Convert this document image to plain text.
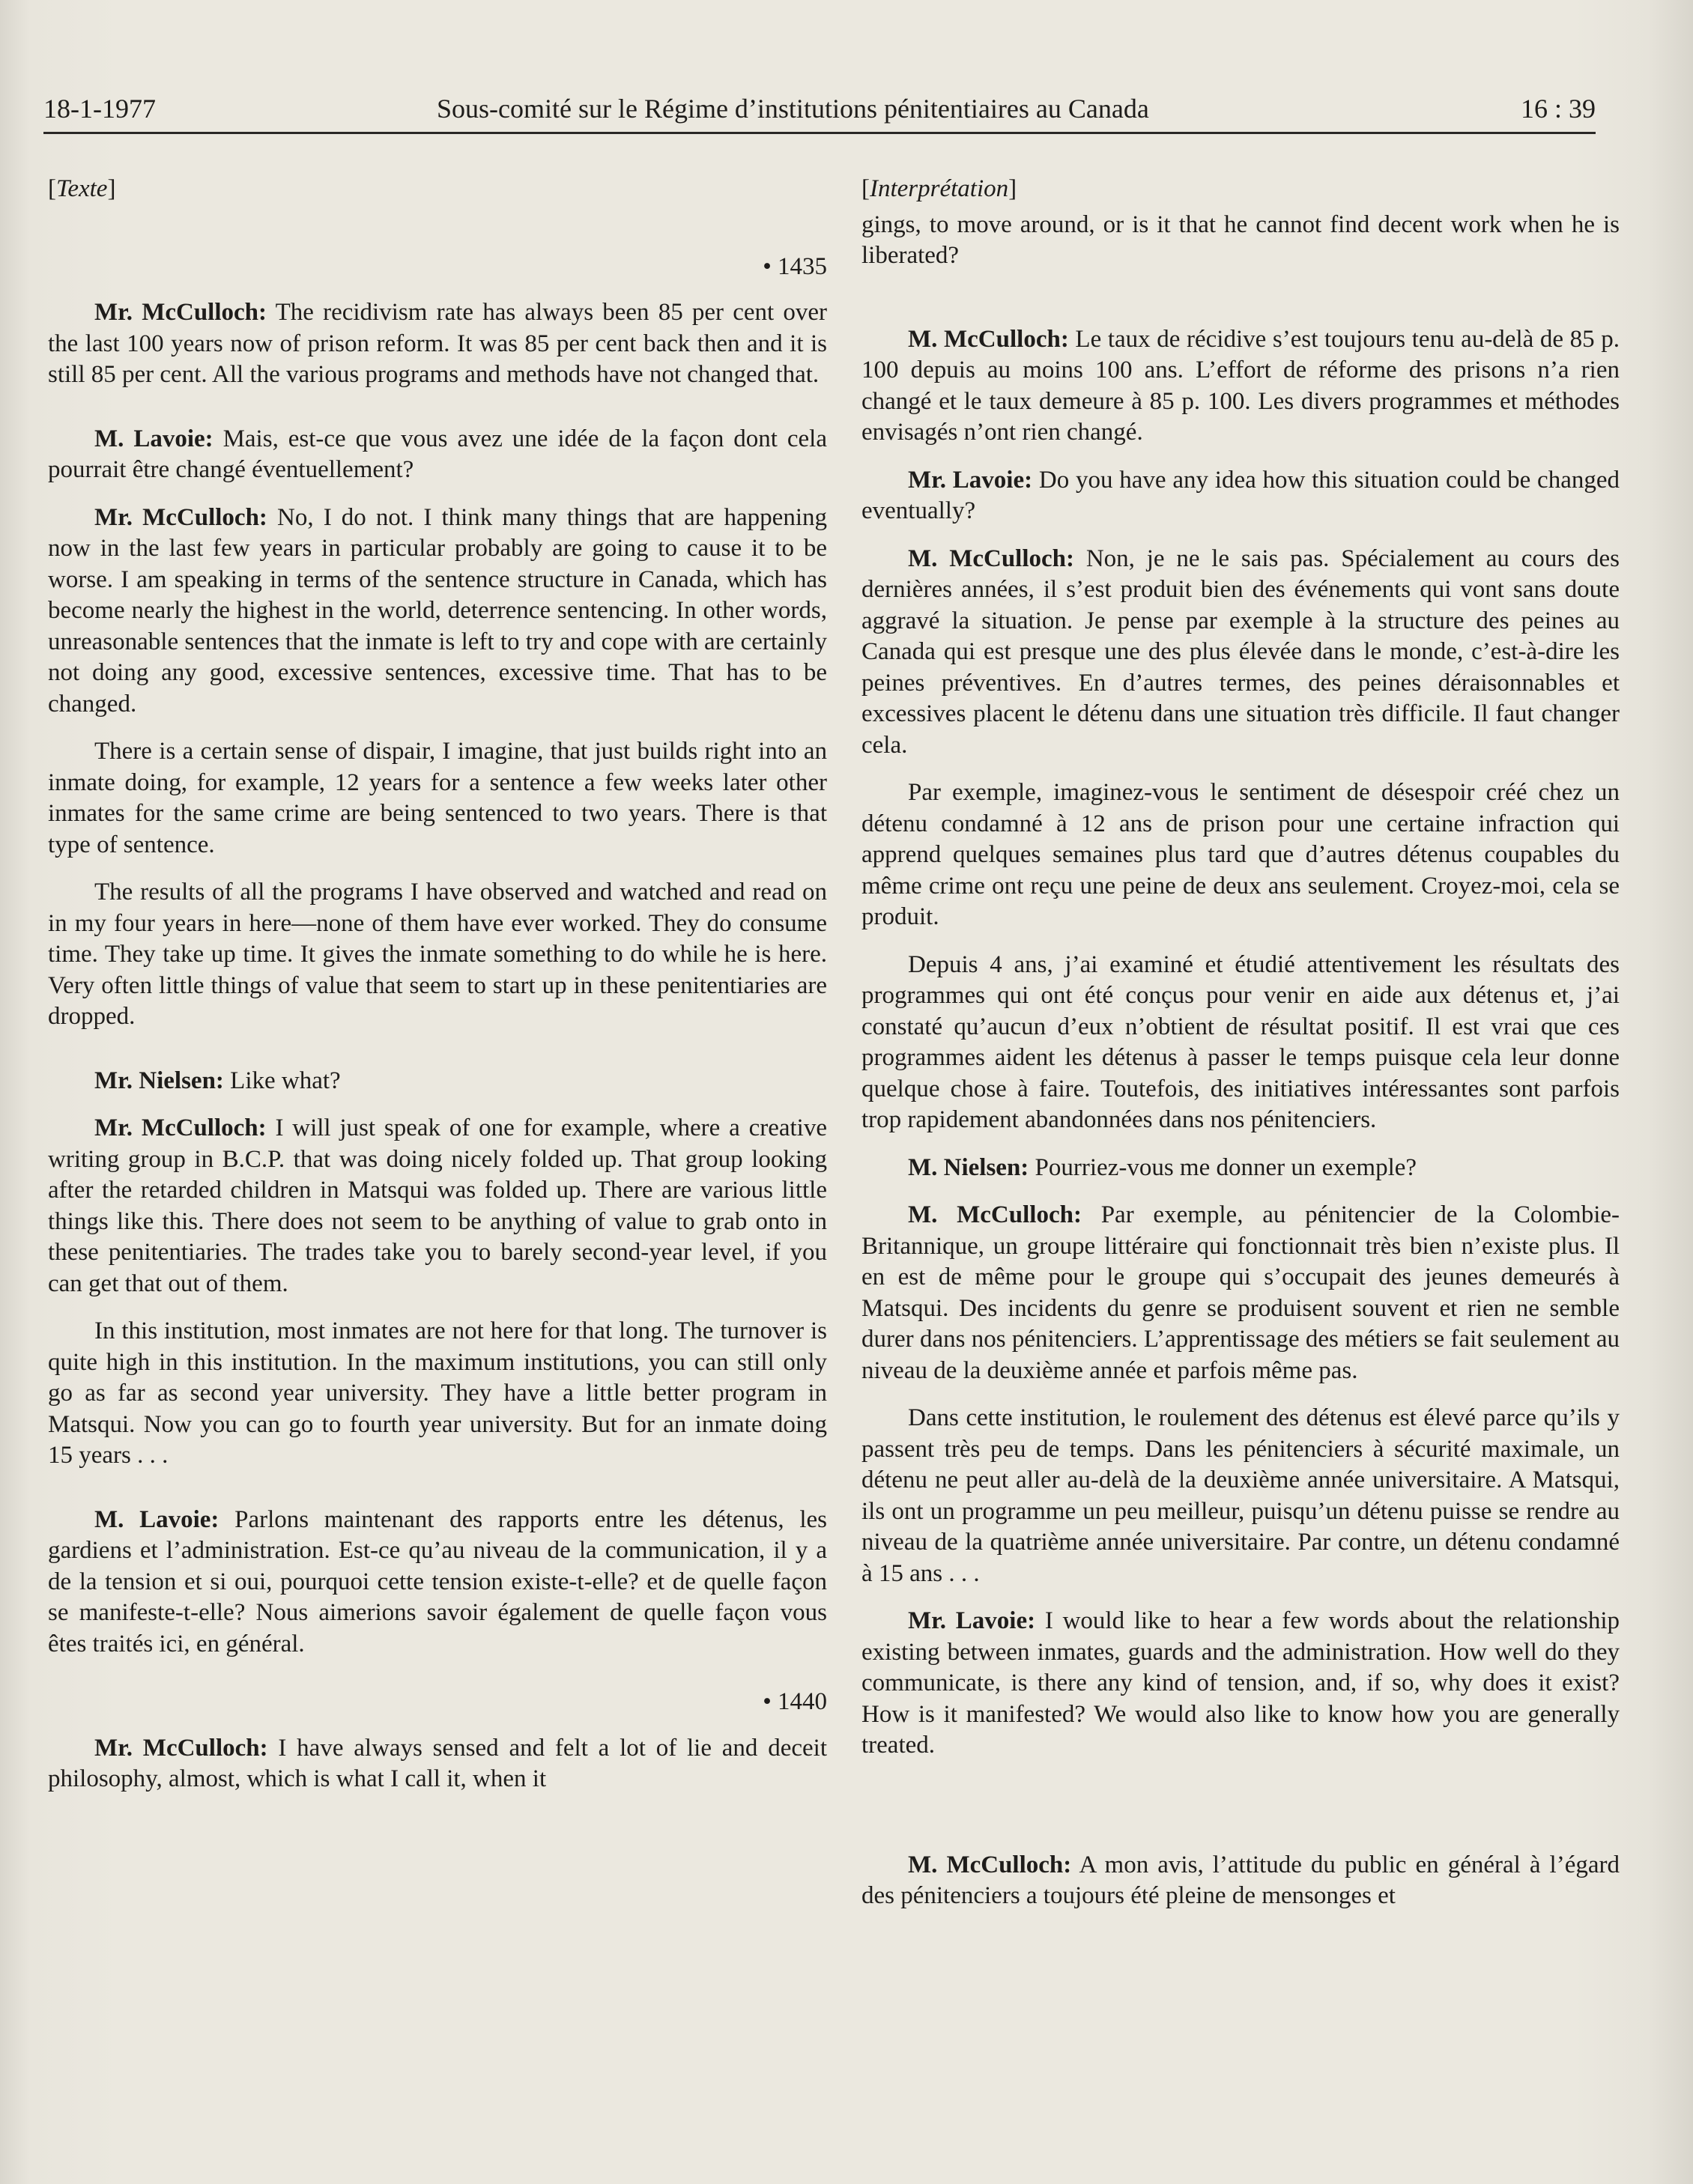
18-1-1977	Sous-comité sur le Régime d’institutions pénitentiaires au Canada	16 : 39

[Texte]

• 1435

Mr. McCulloch: The recidivism rate has always been 85 per cent over the last 100 years now of prison reform. It was 85 per cent back then and it is still 85 per cent. All the various programs and methods have not changed that.

M. Lavoie: Mais, est-ce que vous avez une idée de la façon dont cela pourrait être changé éventuellement?

Mr. McCulloch: No, I do not. I think many things that are happening now in the last few years in particular probably are going to cause it to be worse. I am speaking in terms of the sentence structure in Canada, which has become nearly the highest in the world, deterrence sentencing. In other words, unreasonable sentences that the inmate is left to try and cope with are certainly not doing any good, excessive sentences, excessive time. That has to be changed.

There is a certain sense of dispair, I imagine, that just builds right into an inmate doing, for example, 12 years for a sentence a few weeks later other inmates for the same crime are being sentenced to two years. There is that type of sentence.

The results of all the programs I have observed and watched and read on in my four years in here—none of them have ever worked. They do consume time. They take up time. It gives the inmate something to do while he is here. Very often little things of value that seem to start up in these penitentiaries are dropped.

Mr. Nielsen: Like what?

Mr. McCulloch: I will just speak of one for example, where a creative writing group in B.C.P. that was doing nicely folded up. That group looking after the retarded children in Matsqui was folded up. There are various little things like this. There does not seem to be anything of value to grab onto in these penitentiaries. The trades take you to barely second-year level, if you can get that out of them.

In this institution, most inmates are not here for that long. The turnover is quite high in this institution. In the maximum institutions, you can still only go as far as second year university. They have a little better program in Matsqui. Now you can go to fourth year university. But for an inmate doing 15 years . . .

M. Lavoie: Parlons maintenant des rapports entre les détenus, les gardiens et l’administration. Est-ce qu’au niveau de la communication, il y a de la tension et si oui, pourquoi cette tension existe-t-elle? et de quelle façon se manifeste-t-elle? Nous aimerions savoir également de quelle façon vous êtes traités ici, en général.

• 1440

Mr. McCulloch: I have always sensed and felt a lot of lie and deceit philosophy, almost, which is what I call it, when it

[Interprétation]

gings, to move around, or is it that he cannot find decent work when he is liberated?

M. McCulloch: Le taux de récidive s’est toujours tenu au-delà de 85 p. 100 depuis au moins 100 ans. L’effort de réforme des prisons n’a rien changé et le taux demeure à 85 p. 100. Les divers programmes et méthodes envisagés n’ont rien changé.

Mr. Lavoie: Do you have any idea how this situation could be changed eventually?

M. McCulloch: Non, je ne le sais pas. Spécialement au cours des dernières années, il s’est produit bien des événements qui vont sans doute aggravé la situation. Je pense par exemple à la structure des peines au Canada qui est presque une des plus élevée dans le monde, c’est-à-dire les peines préventives. En d’autres termes, des peines déraisonnables et excessives placent le détenu dans une situation très difficile. Il faut changer cela.

Par exemple, imaginez-vous le sentiment de désespoir créé chez un détenu condamné à 12 ans de prison pour une certaine infraction qui apprend quelques semaines plus tard que d’autres détenus coupables du même crime ont reçu une peine de deux ans seulement. Croyez-moi, cela se produit.

Depuis 4 ans, j’ai examiné et étudié attentivement les résultats des programmes qui ont été conçus pour venir en aide aux détenus et, j’ai constaté qu’aucun d’eux n’obtient de résultat positif. Il est vrai que ces programmes aident les détenus à passer le temps puisque cela leur donne quelque chose à faire. Toutefois, des initiatives intéressantes sont parfois trop rapidement abandonnées dans nos pénitenciers.

M. Nielsen: Pourriez-vous me donner un exemple?

M. McCulloch: Par exemple, au pénitencier de la Colombie-Britannique, un groupe littéraire qui fonctionnait très bien n’existe plus. Il en est de même pour le groupe qui s’occupait des jeunes demeurés à Matsqui. Des incidents du genre se produisent souvent et rien ne semble durer dans nos pénitenciers. L’apprentissage des métiers se fait seulement au niveau de la deuxième année et parfois même pas.

Dans cette institution, le roulement des détenus est élevé parce qu’ils y passent très peu de temps. Dans les pénitenciers à sécurité maximale, un détenu ne peut aller au-delà de la deuxième année universitaire. A Matsqui, ils ont un programme un peu meilleur, puisqu’un détenu puisse se rendre au niveau de la quatrième année universitaire. Par contre, un détenu condamné à 15 ans . . .

Mr. Lavoie: I would like to hear a few words about the relationship existing between inmates, guards and the administration. How well do they communicate, is there any kind of tension, and, if so, why does it exist? How is it manifested? We would also like to know how you are generally treated.

M. McCulloch: A mon avis, l’attitude du public en général à l’égard des pénitenciers a toujours été pleine de mensonges et
